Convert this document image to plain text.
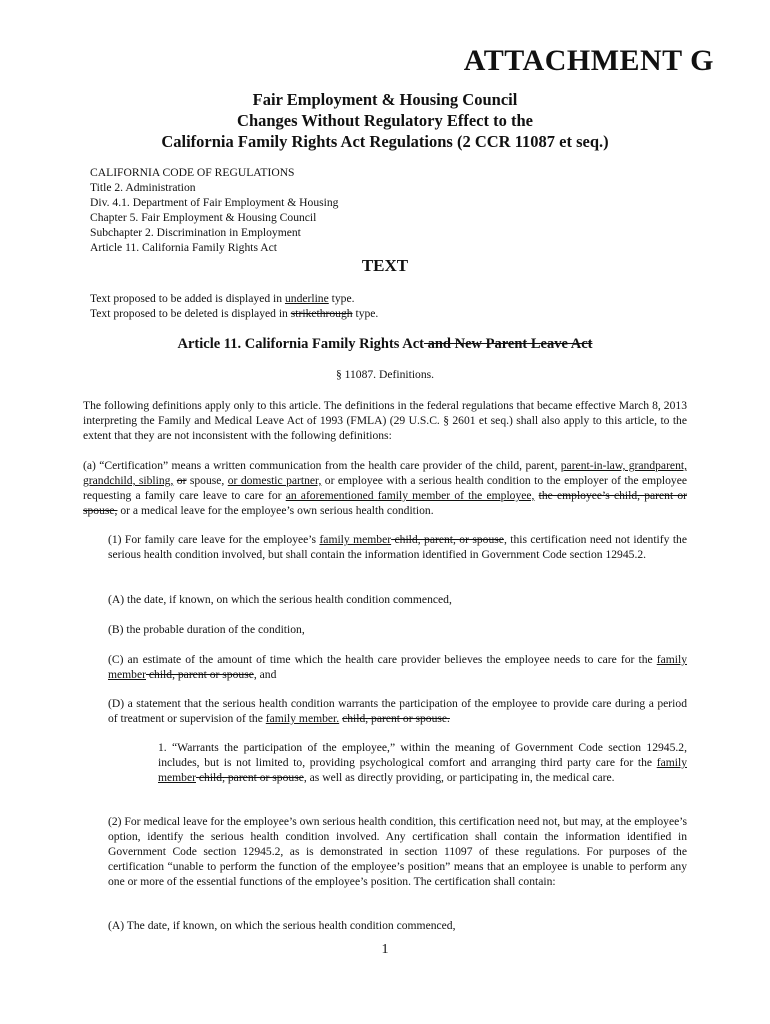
ATTACHMENT G
Fair Employment & Housing Council
Changes Without Regulatory Effect to the
California Family Rights Act Regulations (2 CCR 11087 et seq.)
CALIFORNIA CODE OF REGULATIONS
Title 2. Administration
Div. 4.1. Department of Fair Employment & Housing
Chapter 5. Fair Employment & Housing Council
Subchapter 2. Discrimination in Employment
Article 11. California Family Rights Act
TEXT
Text proposed to be added is displayed in underline type.
Text proposed to be deleted is displayed in strikethrough type.
Article 11. California Family Rights Act and New Parent Leave Act
§ 11087. Definitions.

The following definitions apply only to this article. The definitions in the federal regulations that became effective March 8, 2013 interpreting the Family and Medical Leave Act of 1993 (FMLA) (29 U.S.C. § 2601 et seq.) shall also apply to this article, to the extent that they are not inconsistent with the following definitions:

(a) “Certification” means a written communication from the health care provider of the child, parent, parent-in-law, grandparent, grandchild, sibling, or spouse, or domestic partner, or employee with a serious health condition to the employer of the employee requesting a family care leave to care for an aforementioned family member of the employee, the employee’s child, parent or spouse, or a medical leave for the employee’s own serious health condition.

(1) For family care leave for the employee’s family member child, parent, or spouse, this certification need not identify the serious health condition involved, but shall contain the information identified in Government Code section 12945.2.

(A) the date, if known, on which the serious health condition commenced,

(B) the probable duration of the condition,

(C) an estimate of the amount of time which the health care provider believes the employee needs to care for the family member child, parent or spouse, and

(D) a statement that the serious health condition warrants the participation of the employee to provide care during a period of treatment or supervision of the family member. child, parent or spouse.

1. “Warrants the participation of the employee,” within the meaning of Government Code section 12945.2, includes, but is not limited to, providing psychological comfort and arranging third party care for the family member child, parent or spouse, as well as directly providing, or participating in, the medical care.

(2) For medical leave for the employee’s own serious health condition, this certification need not, but may, at the employee’s option, identify the serious health condition involved. Any certification shall contain the information identified in Government Code section 12945.2, as is demonstrated in section 11097 of these regulations. For purposes of the certification “unable to perform the function of the employee’s position” means that an employee is unable to perform any one or more of the essential functions of the employee’s position. The certification shall contain:

(A) The date, if known, on which the serious health condition commenced,

1
